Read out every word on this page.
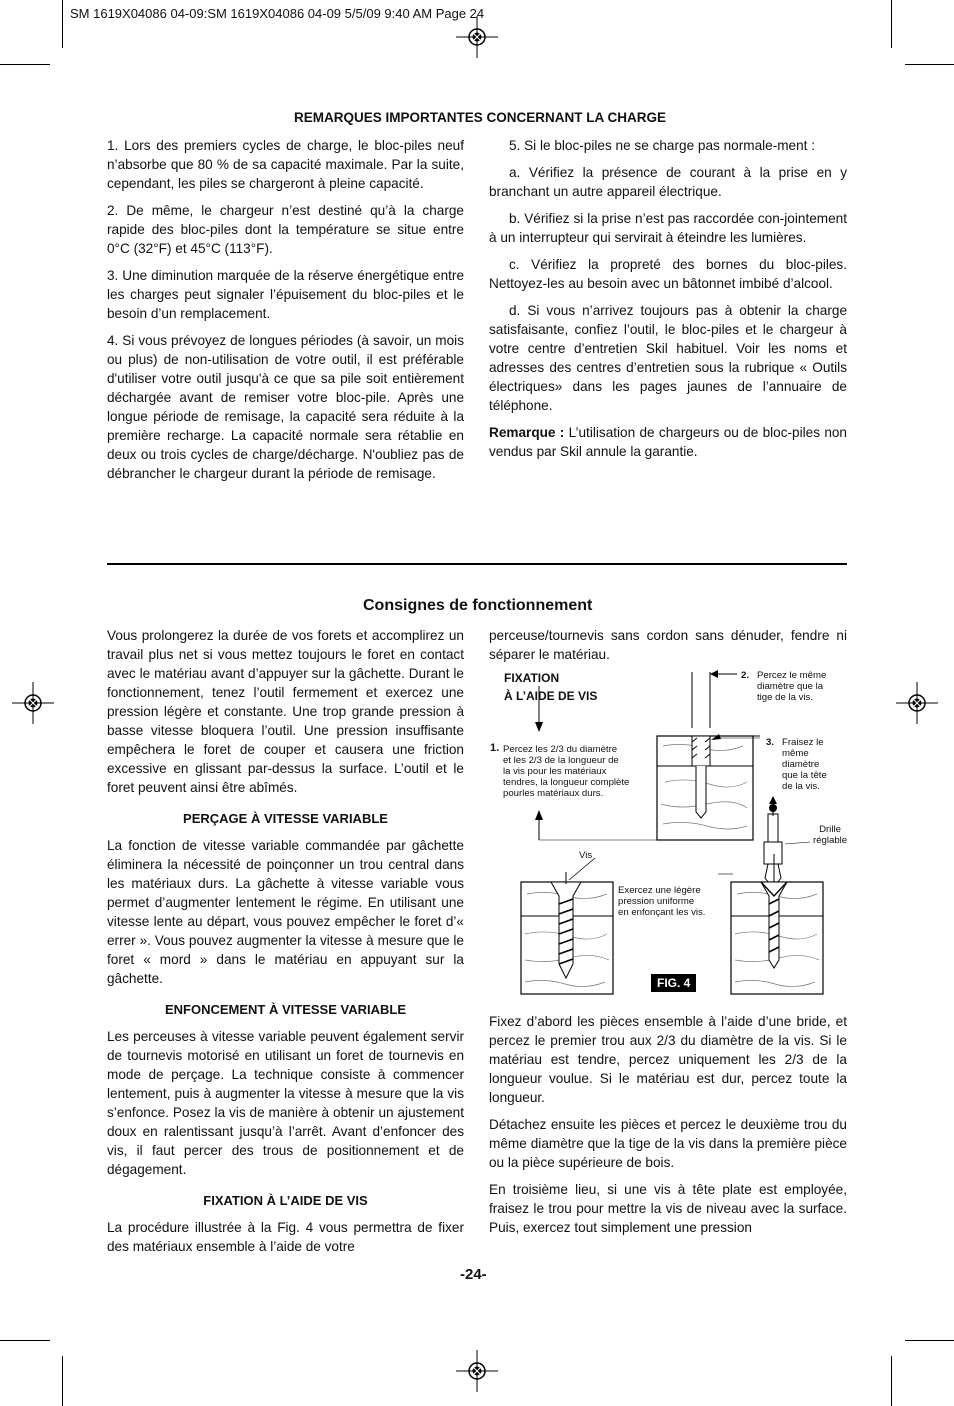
SM 1619X04086 04-09:SM 1619X04086 04-09 5/5/09 9:40 AM Page 24
REMARQUES IMPORTANTES CONCERNANT LA CHARGE

1. Lors des premiers cycles de charge, le bloc-piles neuf n’absorbe que 80 % de sa capacité maximale. Par la suite, cependant, les piles se chargeront à pleine capacité.

2. De même, le chargeur n’est destiné qu’à la charge rapide des bloc-piles dont la température se situe entre 0°C (32°F) et 45°C (113°F).

3. Une diminution marquée de la réserve énergétique entre les charges peut signaler l’épuisement du bloc-piles et le besoin d’un remplacement.

4. Si vous prévoyez de longues périodes (à savoir, un mois ou plus) de non-utilisation de votre outil, il est préférable d'utiliser votre outil jusqu'à ce que sa pile soit entièrement déchargée avant de remiser votre bloc-pile. Après une longue période de remisage, la capacité sera réduite à la première recharge. La capacité normale sera rétablie en deux ou trois cycles de charge/décharge. N'oubliez pas de débrancher le chargeur durant la période de remisage.

5. Si le bloc-piles ne se charge pas normale-ment :

a. Vérifiez la présence de courant à la prise en y branchant un autre appareil électrique.

b. Vérifiez si la prise n’est pas raccordée con-jointement à un interrupteur qui servirait à éteindre les lumières.

c. Vérifiez la propreté des bornes du bloc-piles. Nettoyez-les au besoin avec un bâtonnet imbibé d’alcool.

d. Si vous n’arrivez toujours pas à obtenir la charge satisfaisante, confiez l’outil, le bloc-piles et le chargeur à votre centre d’entretien Skil habituel. Voir les noms et adresses des centres d’entretien sous la rubrique « Outils électriques» dans les pages jaunes de l’annuaire de téléphone.

Remarque : L’utilisation de chargeurs ou de bloc-piles non vendus par Skil annule la garantie.

Consignes de fonctionnement

Vous prolongerez la durée de vos forets et accomplirez un travail plus net si vous mettez toujours le foret en contact avec le matériau avant d’appuyer sur la gâchette. Durant le fonctionnement, tenez l’outil fermement et exercez une pression légère et constante. Une trop grande pression à basse vitesse bloquera l’outil. Une pression insuffisante empêchera le foret de couper et causera une friction excessive en glissant par-dessus la surface. L’outil et le foret peuvent ainsi être abîmés.

PERÇAGE À VITESSE VARIABLE

La fonction de vitesse variable commandée par gâchette éliminera la nécessité de poinçonner un trou central dans les matériaux durs. La gâchette à vitesse variable vous permet d’augmenter lentement le régime. En utilisant une vitesse lente au départ, vous pouvez empêcher le foret d’« errer ». Vous pouvez augmenter la vitesse à mesure que le foret « mord » dans le matériau en appuyant sur la gâchette.

ENFONCEMENT À VITESSE VARIABLE

Les perceuses à vitesse variable peuvent également servir de tournevis motorisé en utilisant un foret de tournevis en mode de perçage. La technique consiste à commencer lentement, puis à augmenter la vitesse à mesure que la vis s’enfonce. Posez la vis de manière à obtenir un ajustement doux en ralentissant jusqu’à l’arrêt. Avant d’enfoncer des vis, il faut percer des trous de positionnement et de dégagement.

FIXATION À L’AIDE DE VIS

La procédure illustrée à la Fig. 4 vous permettra de fixer des matériaux ensemble à l’aide de votre

perceuse/tournevis sans cordon sans dénuder, fendre ni séparer le matériau.

FIXATION
À L’AIDE DE VIS
1. Percez les 2/3 du diamètre
et les 2/3 de la longueur de
la vis pour les matériaux
tendres, la longueur complète
pourles matériaux durs.
2. Percez le même
diamètre que la
tige de la vis.
3. Fraisez le
même
diamètre
que la tête
de la vis.
Drille
réglable
Vis
Exercez une légère
pression uniforme
en enfonçant les vis.
FIG. 4

Fixez d’abord les pièces ensemble à l’aide d’une bride, et percez le premier trou aux 2/3 du diamètre de la vis. Si le matériau est tendre, percez uniquement les 2/3 de la longueur voulue. Si le matériau est dur, percez toute la longueur.

Détachez ensuite les pièces et percez le deuxième trou du même diamètre que la tige de la vis dans la première pièce ou la pièce supérieure de bois.

En troisième lieu, si une vis à tête plate est employée, fraisez le trou pour mettre la vis de niveau avec la surface. Puis, exercez tout simplement une pression

-24-
